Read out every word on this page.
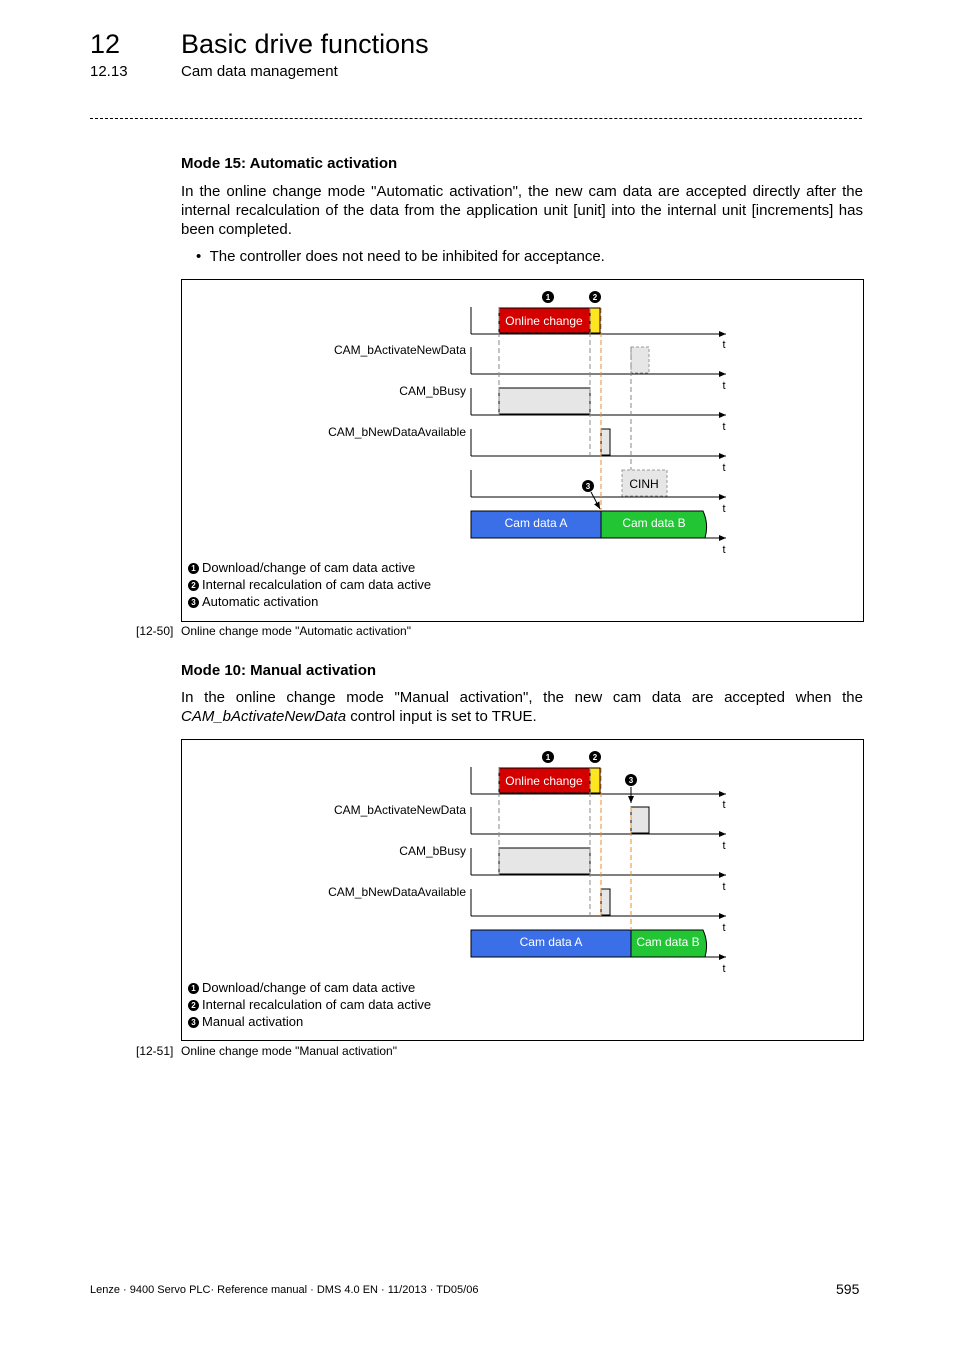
12 Basic drive functions
12.13	Cam data management
Mode 15: Automatic activation
In the online change mode "Automatic activation", the new cam data are accepted directly after the internal recalculation of the data from the application unit [unit] into the internal unit [increments] has been completed.
•  The controller does not need to be inhibited for acceptance.
1	2
Online change
t
CAM_bActivateNewData
t
CAM_bBusy
t
CAM_bNewDataAvailable
t
CINH
t
3
Cam data A	Cam data B
t
1 Download/change of cam data active
2 Internal recalculation of cam data active
3 Automatic activation
[12-50] Online change mode "Automatic activation"
Mode 10: Manual activation
In the online change mode "Manual activation", the new cam data are accepted when the CAM_bActivateNewData control input is set to TRUE.
1	2
Online change	3
t
CAM_bActivateNewData
t
CAM_bBusy
t
CAM_bNewDataAvailable
t
Cam data A	Cam data B
t
1 Download/change of cam data active
2 Internal recalculation of cam data active
3 Manual activation
[12-51] Online change mode "Manual activation"
Lenze · 9400 Servo PLC· Reference manual · DMS 4.0 EN · 11/2013 · TD05/06	595
